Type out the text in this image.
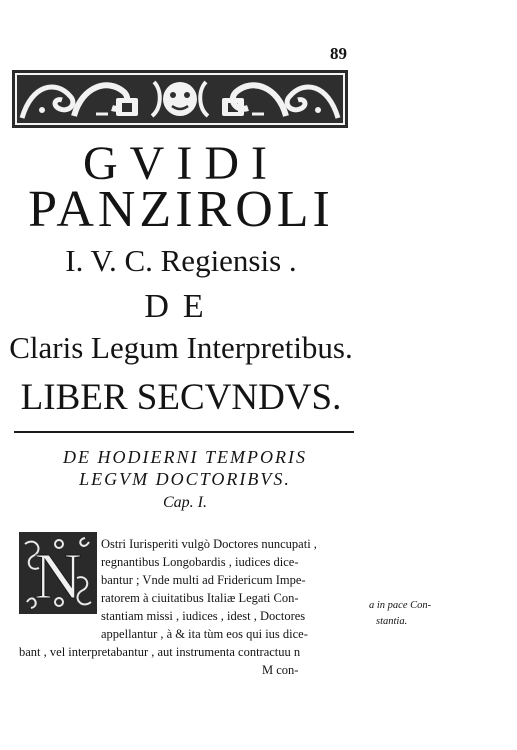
89
GVIDI
PANZIROLI
I. V. C. Regiensis .
DE
Claris Legum Interpretibus.
LIBER SECVNDVS.
DE HODIERNI TEMPORIS
LEGVM DOCTORIBVS.
Cap. I.
N Ostri Iurisperiti vulgò Doctores nuncupati ,
regnantibus Longobardis , iudices dice-
bantur ; Vnde multi ad Fridericum Impe-
ratorem à ciuitatibus Italiæ Legati Con-
stantiam missi , iudices , idest , Doctores
appellantur , à & ita tùm eos qui ius dice-
bant , vel interpretabantur , aut instrumenta contractuu n
M con-
a in pace Con-
stantia.
